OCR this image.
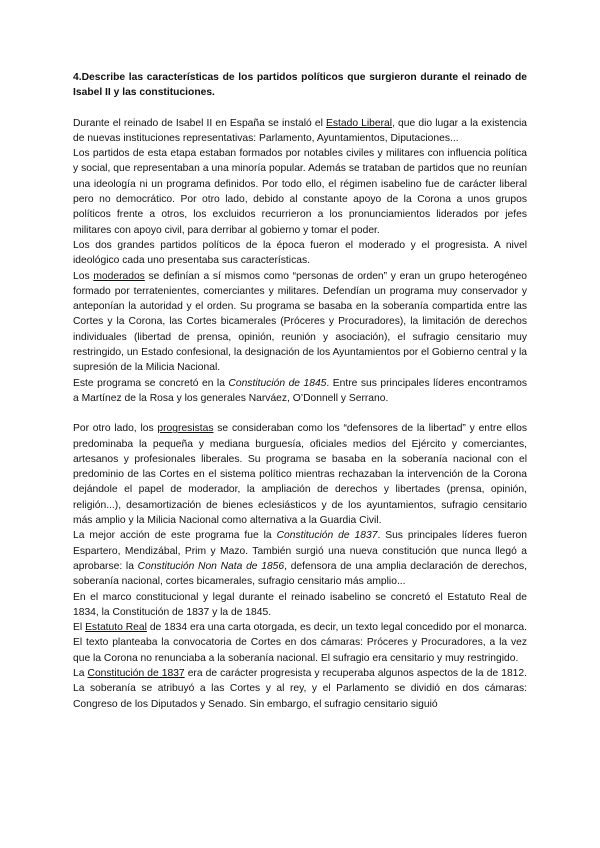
4.Describe las características de los partidos políticos que surgieron durante el reinado de Isabel II y las constituciones.

Durante el reinado de Isabel II en España se instaló el Estado Liberal, que dio lugar a la existencia de nuevas instituciones representativas: Parlamento, Ayuntamientos, Diputaciones...

Los partidos de esta etapa estaban formados por notables civiles y militares con influencia política y social, que representaban a una minoría popular. Además se trataban de partidos que no reunían una ideología ni un programa definidos. Por todo ello, el régimen isabelino fue de carácter liberal pero no democrático. Por otro lado, debido al constante apoyo de la Corona a unos grupos políticos frente a otros, los excluidos recurrieron a los pronunciamientos liderados por jefes militares con apoyo civil, para derribar al gobierno y tomar el poder.

Los dos grandes partidos políticos de la época fueron el moderado y el progresista. A nivel ideológico cada uno presentaba sus características.

Los moderados se definían a sí mismos como “personas de orden” y eran un grupo heterogéneo formado por terratenientes, comerciantes y militares. Defendían un programa muy conservador y anteponían la autoridad y el orden. Su programa se basaba en la soberanía compartida entre las Cortes y la Corona, las Cortes bicamerales (Próceres y Procuradores), la limitación de derechos individuales (libertad de prensa, opinión, reunión y asociación), el sufragio censitario muy restringido, un Estado confesional, la designación de los Ayuntamientos por el Gobierno central y la supresión de la Milicia Nacional.

Este programa se concretó en la Constitución de 1845. Entre sus principales líderes encontramos a Martínez de la Rosa y los generales Narváez, O’Donnell y Serrano.

Por otro lado, los progresistas se consideraban como los “defensores de la libertad” y entre ellos predominaba la pequeña y mediana burguesía, oficiales medios del Ejército y comerciantes, artesanos y profesionales liberales. Su programa se basaba en la soberanía nacional con el predominio de las Cortes en el sistema político mientras rechazaban la intervención de la Corona dejándole el papel de moderador, la ampliación de derechos y libertades (prensa, opinión, religión...), desamortización de bienes eclesiásticos y de los ayuntamientos, sufragio censitario más amplio y la Milicia Nacional como alternativa a la Guardia Civil.

La mejor acción de este programa fue la Constitución de 1837. Sus principales líderes fueron Espartero, Mendizábal, Prim y Mazo. También surgió una nueva constitución que nunca llegó a aprobarse: la Constitución Non Nata de 1856, defensora de una amplia declaración de derechos, soberanía nacional, cortes bicamerales, sufragio censitario más amplio...

En el marco constitucional y legal durante el reinado isabelino se concretó el Estatuto Real de 1834, la Constitución de 1837 y la de 1845.

El Estatuto Real de 1834 era una carta otorgada, es decir, un texto legal concedido por el monarca. El texto planteaba la convocatoria de Cortes en dos cámaras: Próceres y Procuradores, a la vez que la Corona no renunciaba a la soberanía nacional. El sufragio era censitario y muy restringido.

La Constitución de 1837 era de carácter progresista y recuperaba algunos aspectos de la de 1812. La soberanía se atribuyó a las Cortes y al rey, y el Parlamento se dividió en dos cámaras: Congreso de los Diputados y Senado. Sin embargo, el sufragio censitario siguió
